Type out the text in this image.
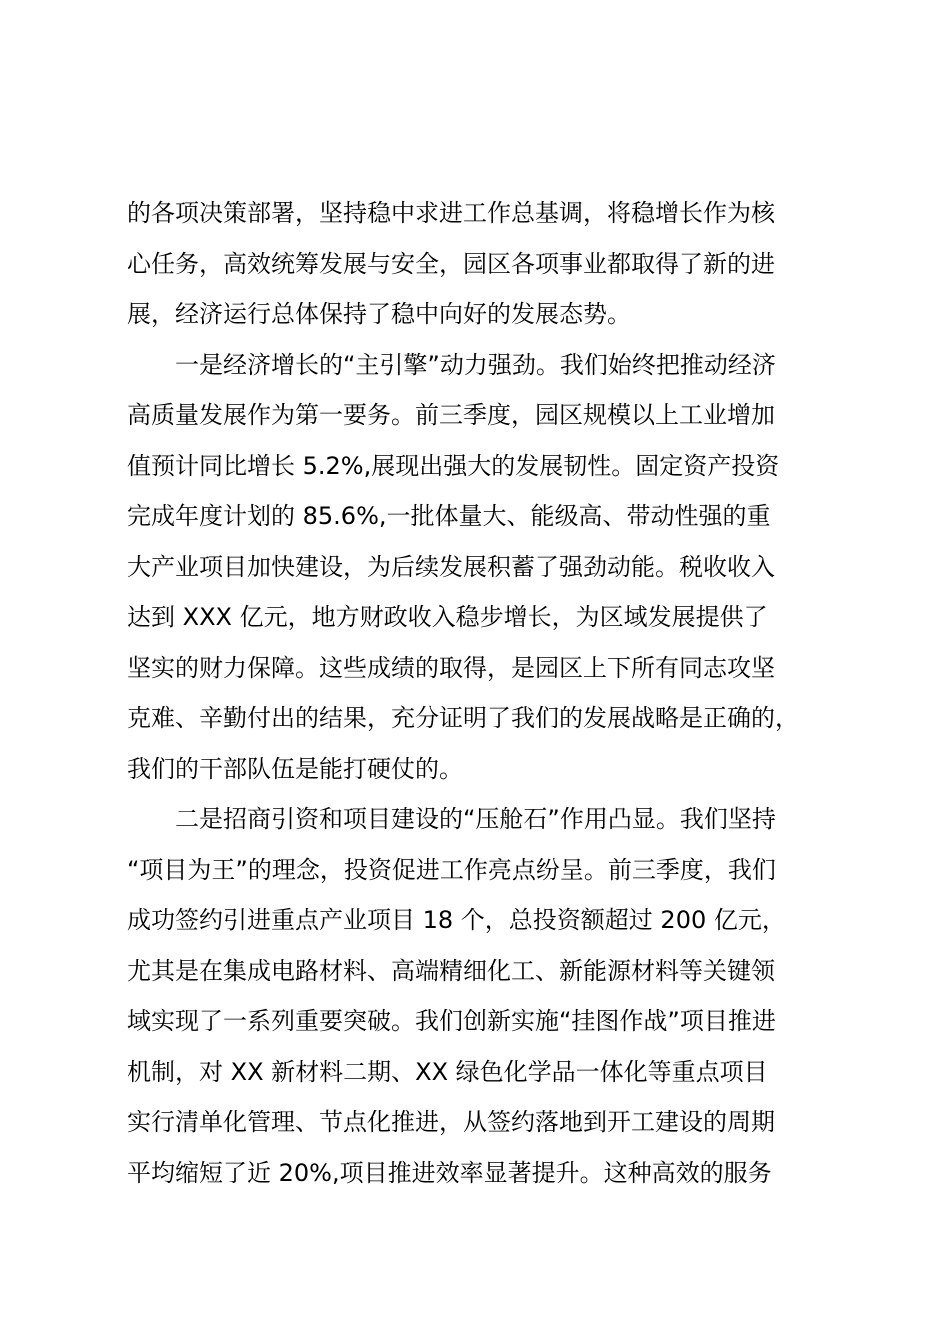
的各项决策部署，坚持稳中求进工作总基调，将稳增长作为核
心任务，高效统筹发展与安全，园区各项事业都取得了新的进
展，经济运行总体保持了稳中向好的发展态势。
一是经济增长的“主引擎”动力强劲。我们始终把推动经济
高质量发展作为第一要务。前三季度，园区规模以上工业增加
值预计同比增长 5.2%,展现出强大的发展韧性。固定资产投资
完成年度计划的 85.6%,一批体量大、能级高、带动性强的重
大产业项目加快建设，为后续发展积蓄了强劲动能。税收收入
达到 XXX 亿元，地方财政收入稳步增长，为区域发展提供了
坚实的财力保障。这些成绩的取得，是园区上下所有同志攻坚
克难、辛勤付出的结果，充分证明了我们的发展战略是正确的，
我们的干部队伍是能打硬仗的。
二是招商引资和项目建设的“压舱石”作用凸显。我们坚持
“项目为王”的理念，投资促进工作亮点纷呈。前三季度，我们
成功签约引进重点产业项目 18 个，总投资额超过 200 亿元，
尤其是在集成电路材料、高端精细化工、新能源材料等关键领
域实现了一系列重要突破。我们创新实施“挂图作战”项目推进
机制，对 XX 新材料二期、XX 绿色化学品一体化等重点项目
实行清单化管理、节点化推进，从签约落地到开工建设的周期
平均缩短了近 20%,项目推进效率显著提升。这种高效的服务
